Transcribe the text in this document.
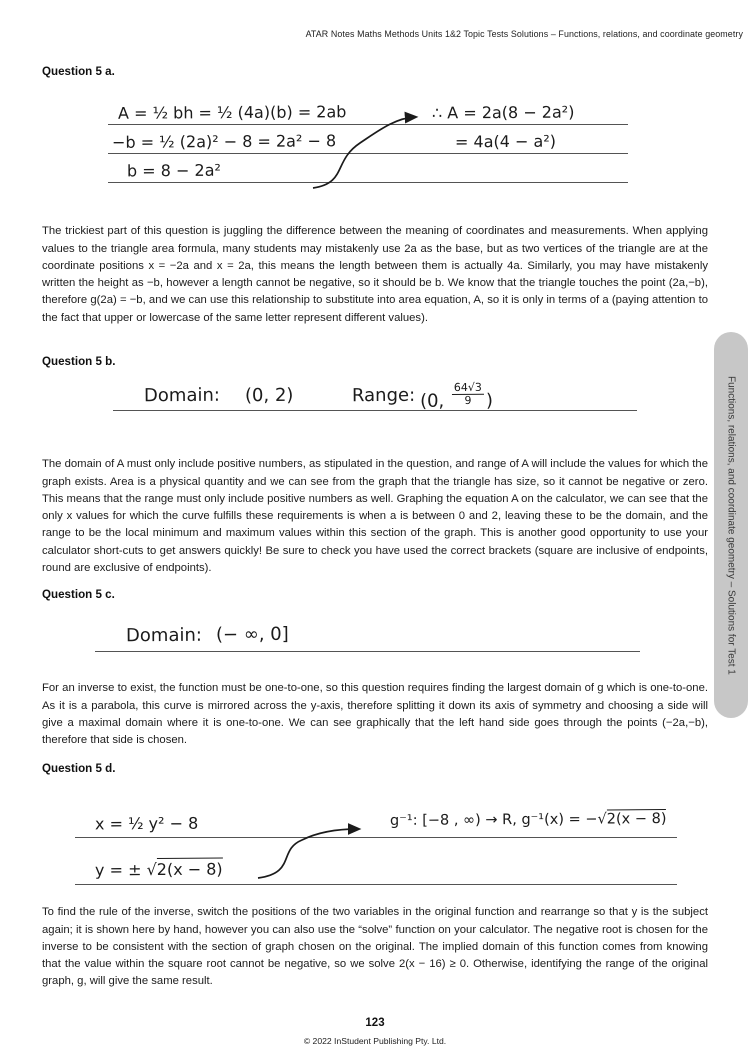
ATAR Notes Maths Methods Units 1&2 Topic Tests Solutions – Functions, relations, and coordinate geometry
Question 5 a.
A = ½ bh = ½ (4a)(b) = 2ab	∴ A = 2a(8 − 2a²)
−b = ½ (2a)² − 8 = 2a² − 8	= 4a(4 − a²)
b = 8 − 2a²

The trickiest part of this question is juggling the difference between the meaning of coordinates and measurements. When applying values to the triangle area formula, many students may mistakenly use 2a as the base, but as two vertices of the triangle are at the coordinate positions x = −2a and x = 2a, this means the length between them is actually 4a. Similarly, you may have mistakenly written the height as −b, however a length cannot be negative, so it should be b. We know that the triangle touches the point (2a,−b), therefore g(2a) = −b, and we can use this relationship to substitute into area equation, A, so it is only in terms of a (paying attention to the fact that upper or lowercase of the same letter represent different values).

Question 5 b.
Domain: (0, 2)	Range: (0, $\frac{64√3}{9}$ )

The domain of A must only include positive numbers, as stipulated in the question, and range of A will include the values for which the graph exists. Area is a physical quantity and we can see from the graph that the triangle has size, so it cannot be negative or zero. This means that the range must only include positive numbers as well. Graphing the equation A on the calculator, we can see that the only x values for which the curve fulfills these requirements is when a is between 0 and 2, leaving these to be the domain, and the range to be the local minimum and maximum values within this section of the graph. This is another good opportunity to use your calculator short-cuts to get answers quickly! Be sure to check you have used the correct brackets (square are inclusive of endpoints, round are exclusive of endpoints).

Question 5 c.
Domain: (− ∞, 0]

For an inverse to exist, the function must be one-to-one, so this question requires finding the largest domain of g which is one-to-one. As it is a parabola, this curve is mirrored across the y-axis, therefore splitting it down its axis of symmetry and choosing a side will give a maximal domain where it is one-to-one. We can see graphically that the left hand side goes through the points (−2a,−b), therefore that side is chosen.

Question 5 d.
x = ½ y² − 8	g⁻¹: [−8 , ∞) → R, g⁻¹(x) = −√2(x − 8)
y = ± √2(x − 8)

To find the rule of the inverse, switch the positions of the two variables in the original function and rearrange so that y is the subject again; it is shown here by hand, however you can also use the “solve” function on your calculator. The negative root is chosen for the inverse to be consistent with the section of graph chosen on the original. The implied domain of this function comes from knowing that the value within the square root cannot be negative, so we solve 2(x − 16) ≥ 0. Otherwise, identifying the range of the original graph, g, will give the same result.

Functions, relations, and coordinate geometry – Solutions for Test 1
123
© 2022 InStudent Publishing Pty. Ltd.
